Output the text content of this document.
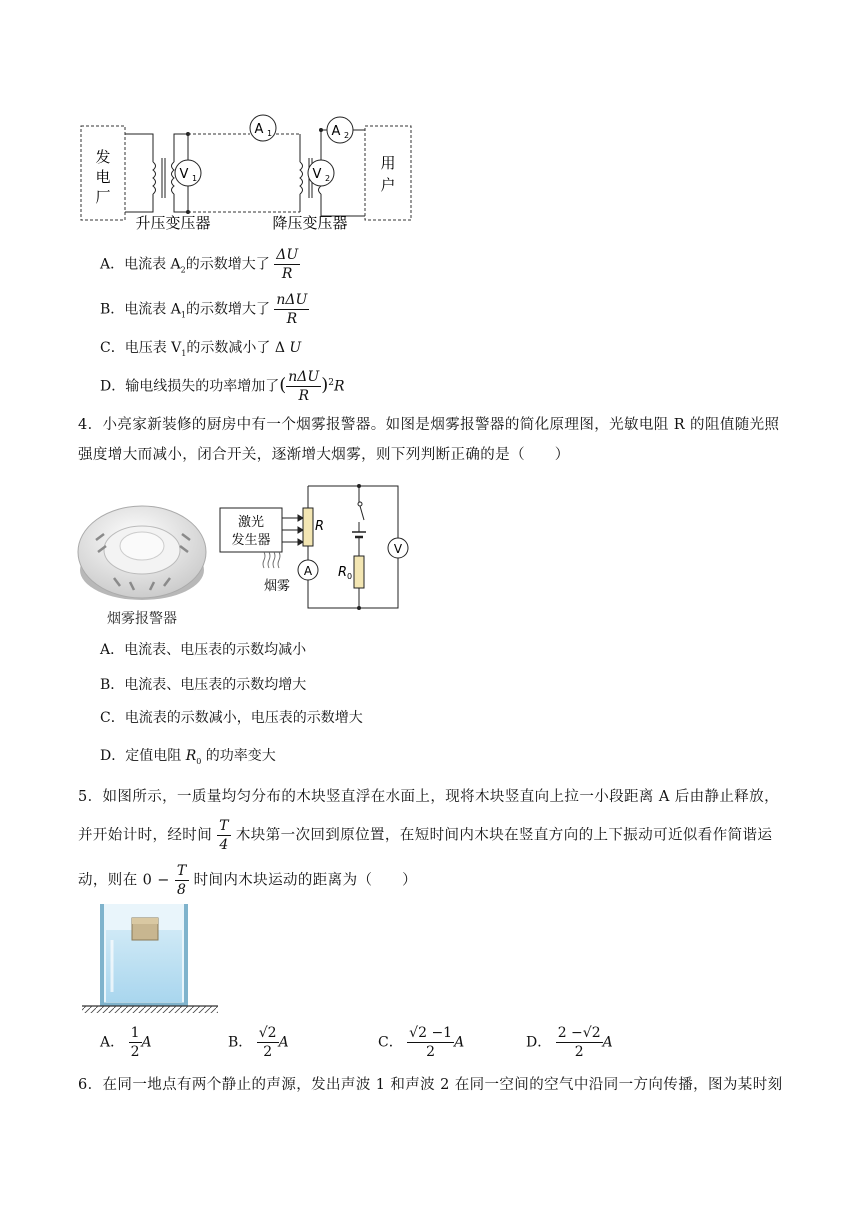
发
电
厂
V 1
A 1
V 2
A 2
用
户
升压变压器	降压变压器
A．电流表 $A_2$的示数增大了 $\frac{\Delta U}{R}$
B．电流表 $A_1$的示数增大了 $\frac{\text{nΔU}}{R}$
C．电压表 $V_1$的示数减小了 Δ U
D．输电线损失的功率增加了( $\frac{\text{nΔU}}{R} )^2R$
4．小亮家新装修的厨房中有一个烟雾报警器。如图是烟雾报警器的简化原理图，光敏电阻 R 的阻值随光照
强度增大而减小，闭合开关，逐渐增大烟雾，则下列判断正确的是（　　）
烟雾报警器
激光
发生器
烟雾
R
A R 0
V
A．电流表、电压表的示数均减小
B．电流表、电压表的示数均增大
C．电流表的示数减小，电压表的示数增大
D．定值电阻 $R_0$ 的功率变大
5．如图所示，一质量均匀分布的木块竖直浮在水面上，现将木块竖直向上拉一小段距离 A 后由静止释放，
并开始计时，经时间 $\frac{T}{4}$ 木块第一次回到原位置，在短时间内木块在竖直方向的上下振动可近似看作简谐运
动，则在 $0 - \frac{T}{8}$ 时间内木块运动的距离为（　　）
A． $\frac{1}{2}$ A	B． $\frac{√2}{2}$ A	C． $\frac{√2 -1}{2}$ A	D． $\frac{2 -√2}{2}$ A
6．在同一地点有两个静止的声源，发出声波 1 和声波 2 在同一空间的空气中沿同一方向传播，图为某时刻
